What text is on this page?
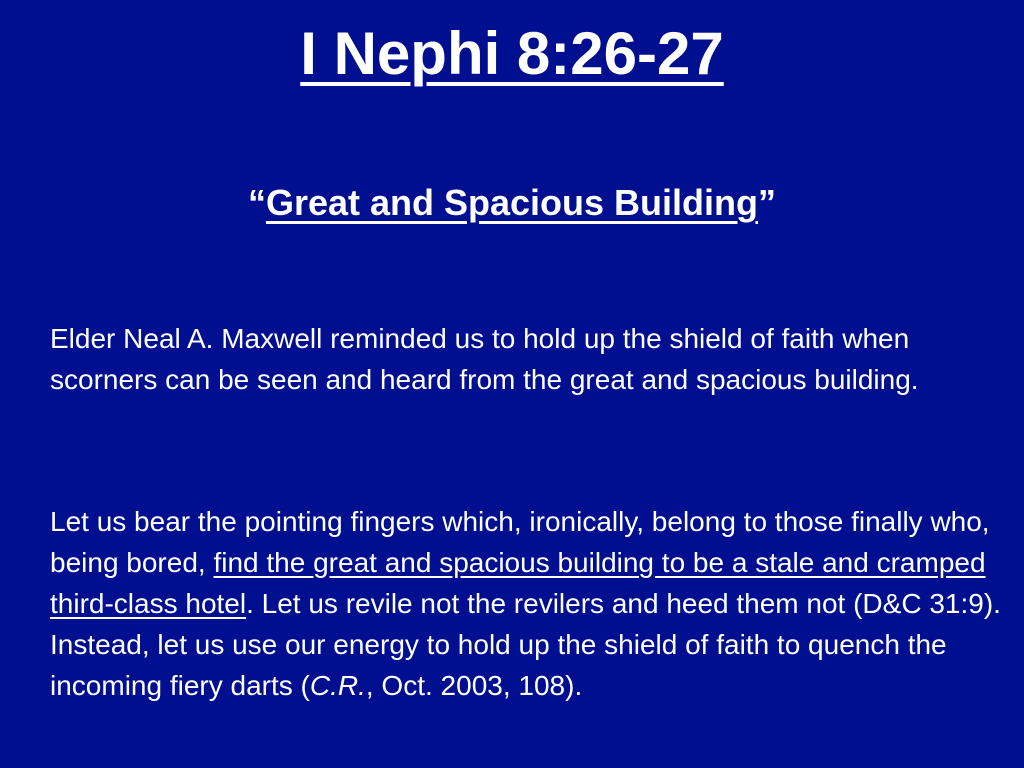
I Nephi 8:26-27
“Great and Spacious Building”
Elder Neal A. Maxwell reminded us to hold up the shield of faith when scorners can be seen and heard from the great and spacious building.
Let us bear the pointing fingers which, ironically, belong to those finally who, being bored, find the great and spacious building to be a stale and cramped third-class hotel. Let us revile not the revilers and heed them not (D&C 31:9). Instead, let us use our energy to hold up the shield of faith to quench the incoming fiery darts (C.R., Oct. 2003, 108).
